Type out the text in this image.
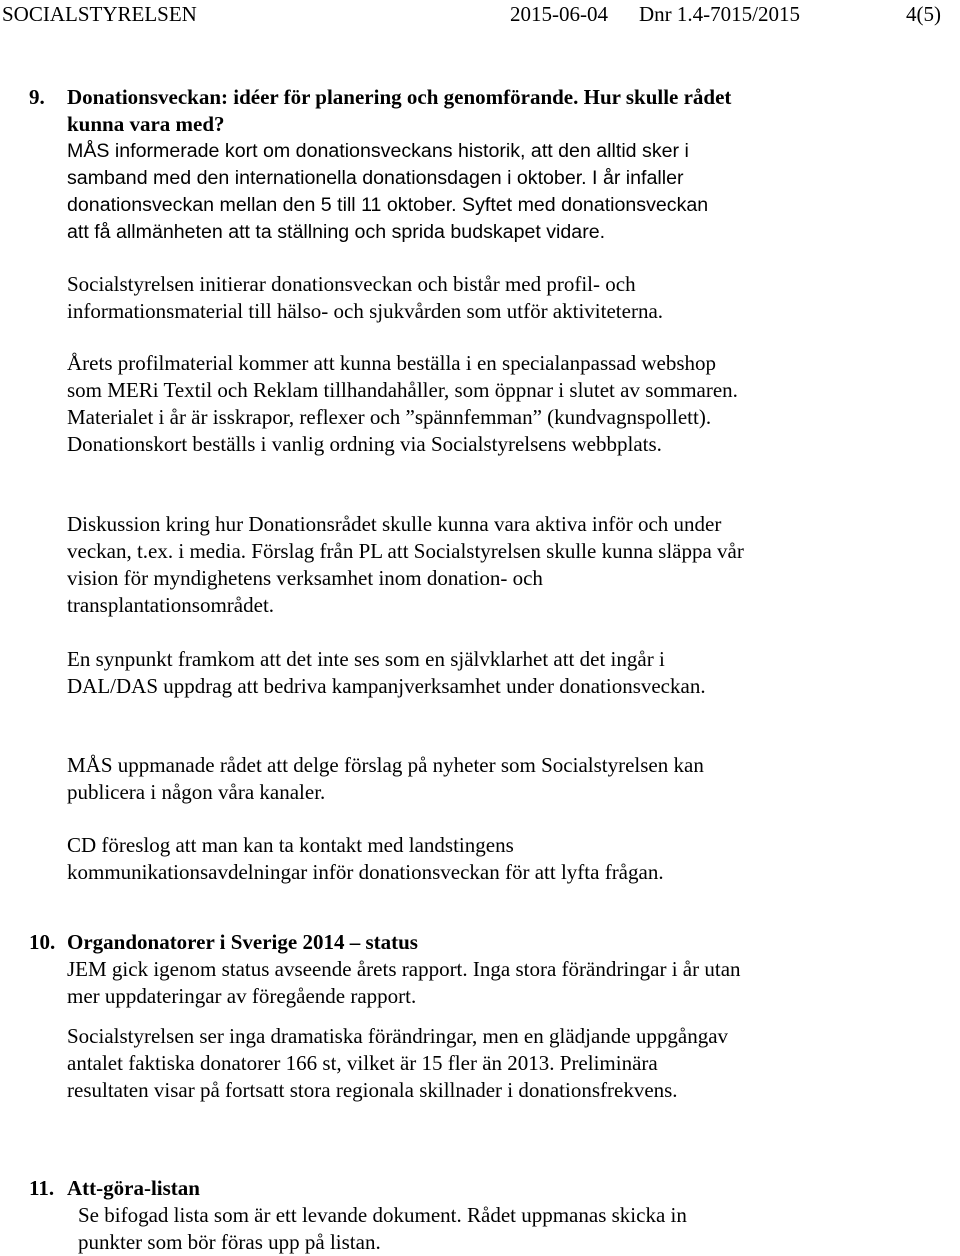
SOCIALSTYRELSEN	2015-06-04 Dnr 1.4-7015/2015	4(5)
9. Donationsveckan: idéer för planering och genomförande. Hur skulle rådet kunna vara med?
MÅS informerade kort om donationsveckans historik, att den alltid sker i samband med den internationella donationsdagen i oktober. I år infaller donationsveckan mellan den 5 till 11 oktober. Syftet med donationsveckan att få allmänheten att ta ställning och sprida budskapet vidare.
Socialstyrelsen initierar donationsveckan och bistår med profil- och informationsmaterial till hälso- och sjukvården som utför aktiviteterna.
Årets profilmaterial kommer att kunna beställa i en specialanpassad webshop som MERi Textil och Reklam tillhandahåller, som öppnar i slutet av sommaren. Materialet i år är isskrapor, reflexer och ”spännfemman” (kundvagnspollett). Donationskort beställs i vanlig ordning via Socialstyrelsens webbplats.
Diskussion kring hur Donationsrådet skulle kunna vara aktiva inför och under veckan, t.ex. i media. Förslag från PL att Socialstyrelsen skulle kunna släppa vår vision för myndighetens verksamhet inom donation- och transplantationsområdet.
En synpunkt framkom att det inte ses som en självklarhet att det ingår i DAL/DAS uppdrag att bedriva kampanjverksamhet under donationsveckan.
MÅS uppmanade rådet att delge förslag på nyheter som Socialstyrelsen kan publicera i någon våra kanaler.
CD föreslog att man kan ta kontakt med landstingens kommunikationsavdelningar inför donationsveckan för att lyfta frågan.
10. Organdonatorer i Sverige 2014 – status
JEM gick igenom status avseende årets rapport. Inga stora förändringar i år utan mer uppdateringar av föregående rapport.
Socialstyrelsen ser inga dramatiska förändringar, men en glädjande uppgångav antalet faktiska donatorer 166 st, vilket är 15 fler än 2013. Preliminära resultaten visar på fortsatt stora regionala skillnader i donationsfrekvens.
11. Att-göra-listan
Se bifogad lista som är ett levande dokument. Rådet uppmanas skicka in punkter som bör föras upp på listan.
